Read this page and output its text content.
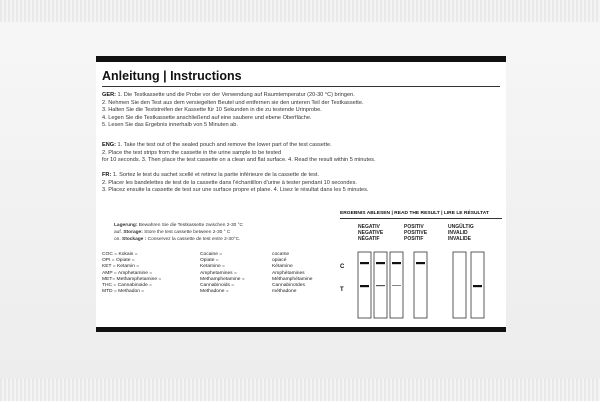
Anleitung | Instructions
GER: 1. Die Testkassette und die Probe vor der Verwendung auf Raumtemperatur (20-30 °C) bringen.
2. Nehmen Sie den Test aus dem versiegelten Beutel und entfernen sie den unteren Teil der Testkassette.
3. Halten Sie die Teststreifen der Kassette für 10 Sekunden in die zu testende Urinprobe.
4. Legen Sie die Testkassette anschließend auf eine saubere und ebene Oberfläche.
5. Lesen Sie das Ergebnis innerhalb von 5 Minuten ab.
ENG: 1. Take the test out of the sealed pouch and remove the lower part of the test cassette.
2. Place the test strips from the cassette in the urine sample to be tested
for 10 seconds. 3. Then place the test cassette on a clean and flat surface. 4. Read the result within 5 minutes.
FR: 1. Sortez le test du sachet scellé et retirez la partie inférieure de la cassette de test.
2. Placer les bandelettes de test de la cassette dans l'échantillon d'urine à tester pendant 10 secondes.
3. Placez ensuite la cassette de test sur une surface propre et plane. 4. Lisez le résultat dans les 5 minutes.
Lagerung: Bewahren Sie die Testkassette zwischen 2-30 °C
auf. Storage: Store the test cassette between 2-30 ° C
on. Stockage : Conservez la cassette de test entre 2-30°C.
COC = Kokain =
OPI = Opiate =
KET = Ketamin =
AMP = Amphetamine =
MET= Methamphetamine =
THC = Cannabinoide =
MTD = Methadon =
Cocaine =
Opiate =
Ketamine =
Amphetamines =
Methamphetamine =
Cannabinoids =
Methadone =
cocaïne
opiacé
Kétamine
Amphétamines
Méthamphétamine
Cannabinoïdes
méthadone
ERGEBNIS ABLESEN | READ THE RESULT | LIRE LE RÉSULTAT
NEGATIV
NEGATIVE
NÉGATIF
POSITIV
POSITIVE
POSITIF
UNGÜLTIG
INVALID
INVALIDE
C
T
